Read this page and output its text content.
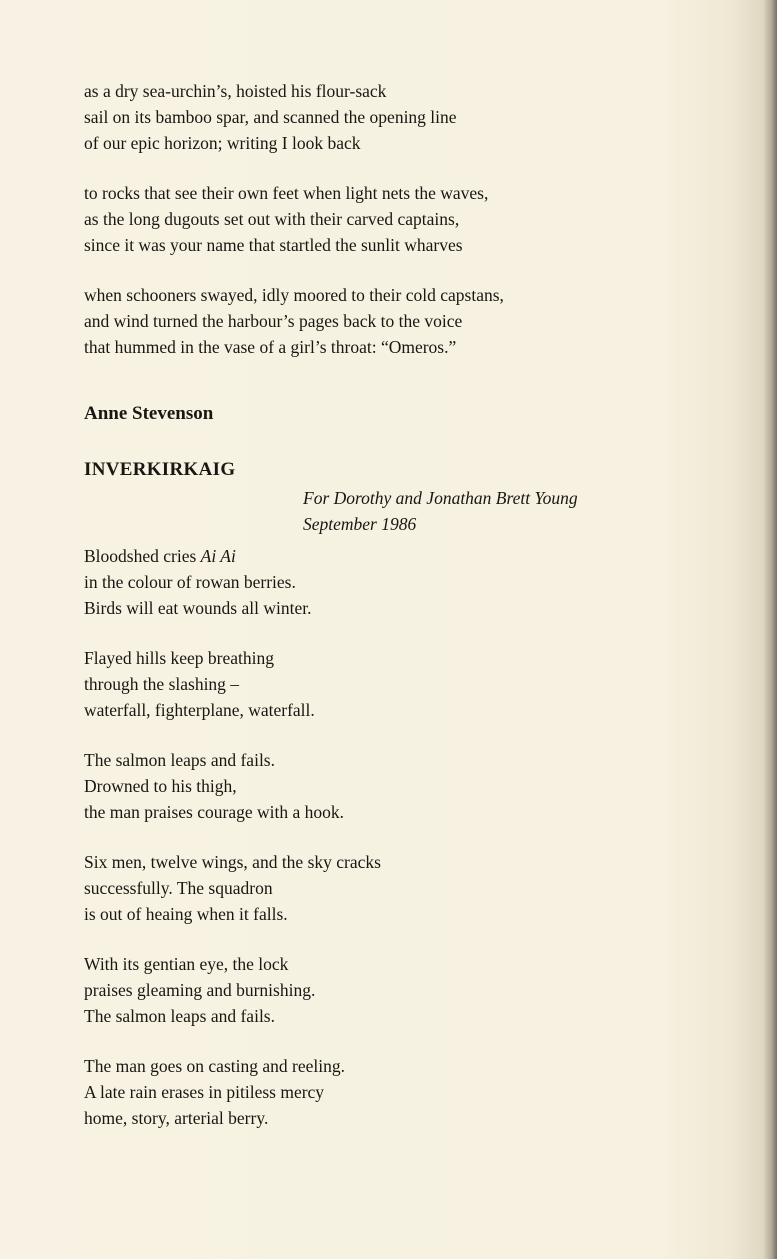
as a dry sea-urchin’s, hoisted his flour-sack
sail on its bamboo spar, and scanned the opening line
of our epic horizon; writing I look back
to rocks that see their own feet when light nets the waves,
as the long dugouts set out with their carved captains,
since it was your name that startled the sunlit wharves
when schooners swayed, idly moored to their cold capstans,
and wind turned the harbour’s pages back to the voice
that hummed in the vase of a girl’s throat: “Omeros.”
Anne Stevenson
INVERKIRKAIG
For Dorothy and Jonathan Brett Young
September 1986
Bloodshed cries Ai Ai
in the colour of rowan berries.
Birds will eat wounds all winter.
Flayed hills keep breathing
through the slashing –
waterfall, fighterplane, waterfall.
The salmon leaps and fails.
Drowned to his thigh,
the man praises courage with a hook.
Six men, twelve wings, and the sky cracks
successfully. The squadron
is out of heaing when it falls.
With its gentian eye, the lock
praises gleaming and burnishing.
The salmon leaps and fails.
The man goes on casting and reeling.
A late rain erases in pitiless mercy
home, story, arterial berry.
